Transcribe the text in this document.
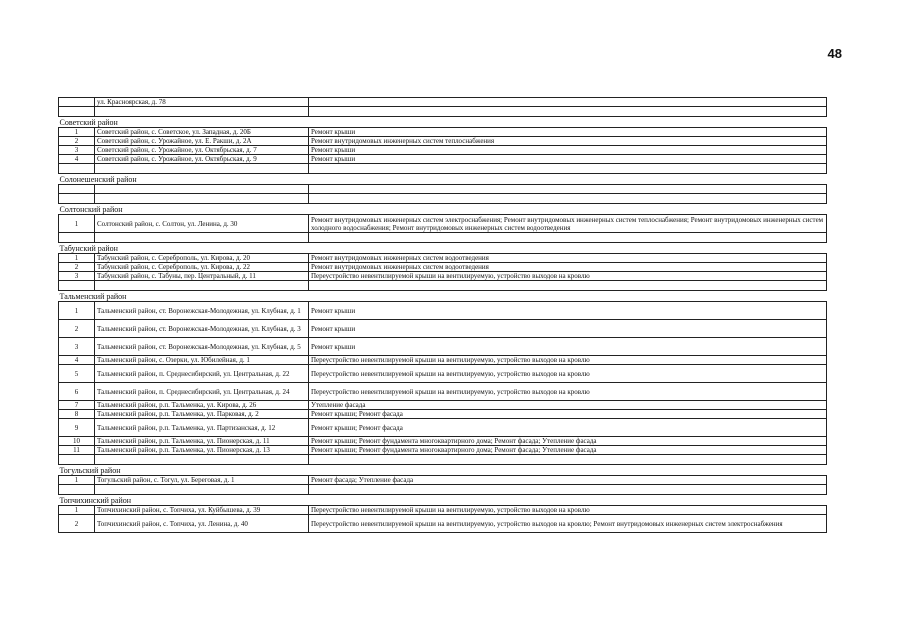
48
	ул. Красноярская, д. 78	

Советский район		
1	Советский район, с. Советское, ул. Западная, д. 20Б	Ремонт крыши
2	Советский район, с. Урожайное, ул. Е. Ракши, д. 2А	Ремонт внутридомовых инженерных систем теплоснабжения
3	Советский район, с. Урожайное, ул. Октябрьская, д. 7	Ремонт крыши
4	Советский район, с. Урожайное, ул. Октябрьская, д. 9	Ремонт крыши

Солонешенский район		

Солтонский район		
1	Солтонский район, с. Солтон, ул. Ленина, д. 30	Ремонт внутридомовых инженерных систем электроснабжения; Ремонт внутридомовых инженерных систем теплоснабжения; Ремонт внутридомовых инженерных систем холодного водоснабжения; Ремонт внутридомовых инженерных систем водоотведения

Табунский район		
1	Табунский район, с. Сереброполь, ул. Кирова, д. 20	Ремонт внутридомовых инженерных систем водоотведения
2	Табунский район, с. Сереброполь, ул. Кирова, д. 22	Ремонт внутридомовых инженерных систем водоотведения
3	Табунский район, с. Табуны, пер. Центральный, д. 11	Переустройство невентилируемой крыши на вентилируемую, устройство выходов на кровлю

Тальменский район		
1	Тальменский район, ст. Воронежская-Молодежная, ул. Клубная, д. 1	Ремонт крыши
2	Тальменский район, ст. Воронежская-Молодежная, ул. Клубная, д. 3	Ремонт крыши
3	Тальменский район, ст. Воронежская-Молодежная, ул. Клубная, д. 5	Ремонт крыши
4	Тальменский район, с. Озерки, ул. Юбилейная, д. 1	Переустройство невентилируемой крыши на вентилируемую, устройство выходов на кровлю
5	Тальменский район, п. Среднесибирский, ул. Центральная, д. 22	Переустройство невентилируемой крыши на вентилируемую, устройство выходов на кровлю
6	Тальменский район, п. Среднесибирский, ул. Центральная, д. 24	Переустройство невентилируемой крыши на вентилируемую, устройство выходов на кровлю
7	Тальменский район, р.п. Тальменка, ул. Кирова, д. 26	Утепление фасада
8	Тальменский район, р.п. Тальменка, ул. Парковая, д. 2	Ремонт крыши; Ремонт фасада
9	Тальменский район, р.п. Тальменка, ул. Партизанская, д. 12	Ремонт крыши; Ремонт фасада
10	Тальменский район, р.п. Тальменка, ул. Пионерская, д. 11	Ремонт крыши; Ремонт фундамента многоквартирного дома; Ремонт фасада; Утепление фасада
11	Тальменский район, р.п. Тальменка, ул. Пионерская, д. 13	Ремонт крыши; Ремонт фундамента многоквартирного дома; Ремонт фасада; Утепление фасада

Тогульский район		
1	Тогульский район, с. Тогул, ул. Береговая, д. 1	Ремонт фасада; Утепление фасада

Топчихинский район		
1	Топчихинский район, с. Топчиха, ул. Куйбышева, д. 39	Переустройство невентилируемой крыши на вентилируемую, устройство выходов на кровлю
2	Топчихинский район, с. Топчиха, ул. Ленина, д. 40	Переустройство невентилируемой крыши на вентилируемую, устройство выходов на кровлю; Ремонт внутридомовых инженерных систем электроснабжения
